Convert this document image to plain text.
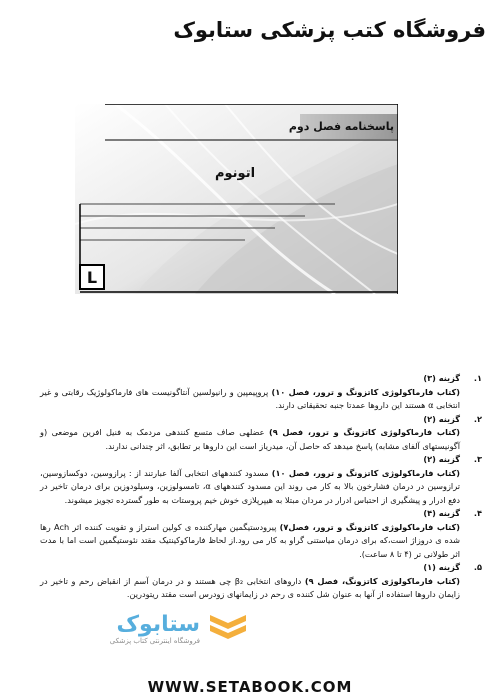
فروشگاه کتب پزشکی ستابوک
پاسخنامه فصل دوم
اتونوم
L
۱.
گزینه (۳)

(کتاب فارماکولوژی کاتزونگ و ترور، فصل ۱۰) پروپیمپین و رانیولسین آنتاگونیست های فارماکولوژیک رقابتی و غیر انتخابی α هستند این داروها عمدتا جنبه تحقیقاتی دارند.

۲.
گزینه (۲)

(کتاب فارماکولوژی کاتزونگ و ترور، فصل ۹) عضلهی صاف متسع کنندهی مردمک به فنیل افرین موضعی (و آگونیستهای آلفای مشابه) پاسخ میدهد که حاصل آن، میدریاز است این داروها بر تطابق، اثر چندانی ندارند.

۳.
گزینه (۲)

(کتاب فارماکولوژی کاتزونگ و ترور، فصل ۱۰) مسدود کنندههای انتخابی آلفا عبارتند از : پرازوسین، دوکسازوسین، ترازوسین در درمان فشارخون بالا به کار می روند این مسدود کنندههای α، تامسولوزین، وسیلودوزین برای درمان تاخیر در دفع ادرار و پیشگیری از احتباس ادرار در مردان مبتلا به هیپرپلازی خوش خیم پروستات به طور گسترده تجویز میشوند.

۴.
گزینه (۴)

(کتاب فارماکولوژی کاتزونگ و ترور، فصل۷) پیرودستیگمین مهارکننده ی کولین استراز و تقویت کننده اثر Ach رها شده ی دروزاژ است،که برای درمان میاستنی گراو به کار می رود.از لحاظ فارماکوکینتیک مقتد نئوستیگمین است اما با مدت اثر طولانی تر (۴ تا ۸ ساعت).

۵.
گزینه (۱)

(کتاب فارماکولوژی کاتزونگ، فصل ۹) داروهای انتخابی β₂ چی هستند و در درمان آسم از انقباض رحم و تاخیر در زایمان داروها استفاده از آنها به عنوان شل کننده ی رحم در زایمانهای زودرس است مقتد ریتودرین.

ستابوک
فروشگاه اینترنتی کتاب پزشکی
WWW.SETABOOK.COM
